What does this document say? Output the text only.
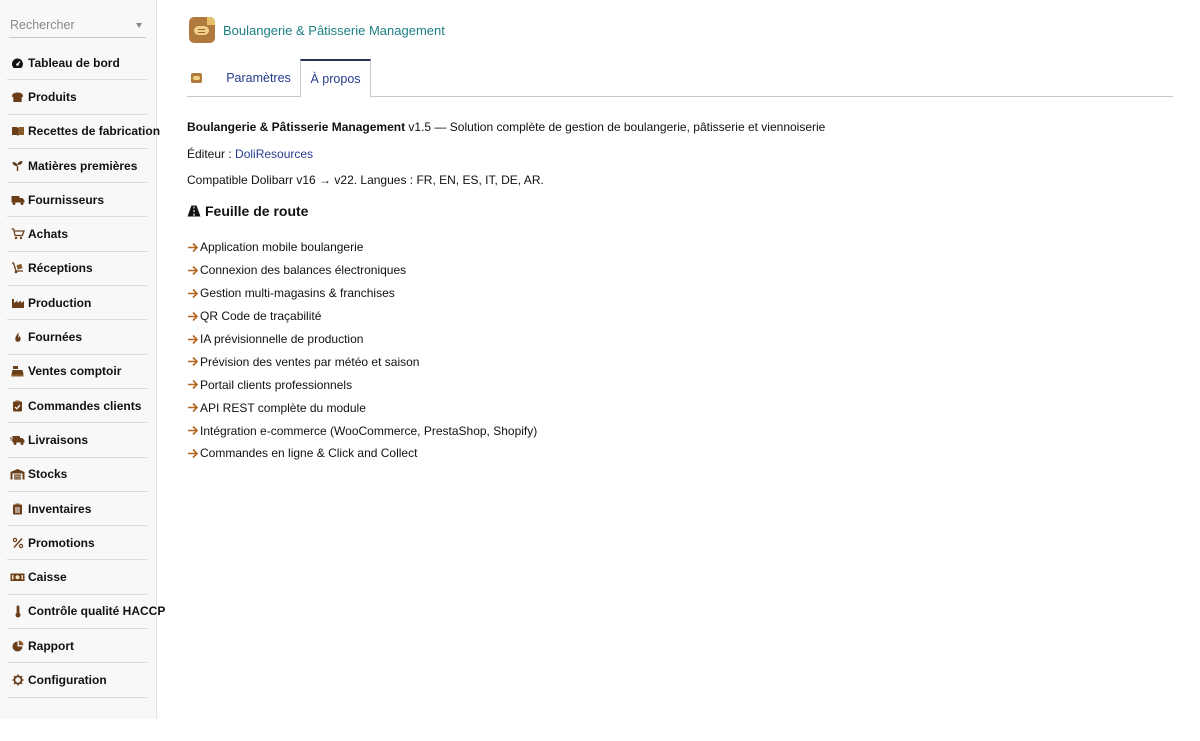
Rechercher
Tableau de bord
Produits
Recettes de fabrication
Matières premières
Fournisseurs
Achats
Réceptions
Production
Fournées
Ventes comptoir
Commandes clients
Livraisons
Stocks
Inventaires
Promotions
Caisse
Contrôle qualité HACCP
Rapport
Configuration
Boulangerie & Pâtisserie Management
Paramètres	À propos
Boulangerie & Pâtisserie Management v1.5 — Solution complète de gestion de boulangerie, pâtisserie et viennoiserie
Éditeur : DoliResources
Compatible Dolibarr v16 → v22. Langues : FR, EN, ES, IT, DE, AR.
Feuille de route
Application mobile boulangerie
Connexion des balances électroniques
Gestion multi-magasins & franchises
QR Code de traçabilité
IA prévisionnelle de production
Prévision des ventes par météo et saison
Portail clients professionnels
API REST complète du module
Intégration e-commerce (WooCommerce, PrestaShop, Shopify)
Commandes en ligne & Click and Collect
